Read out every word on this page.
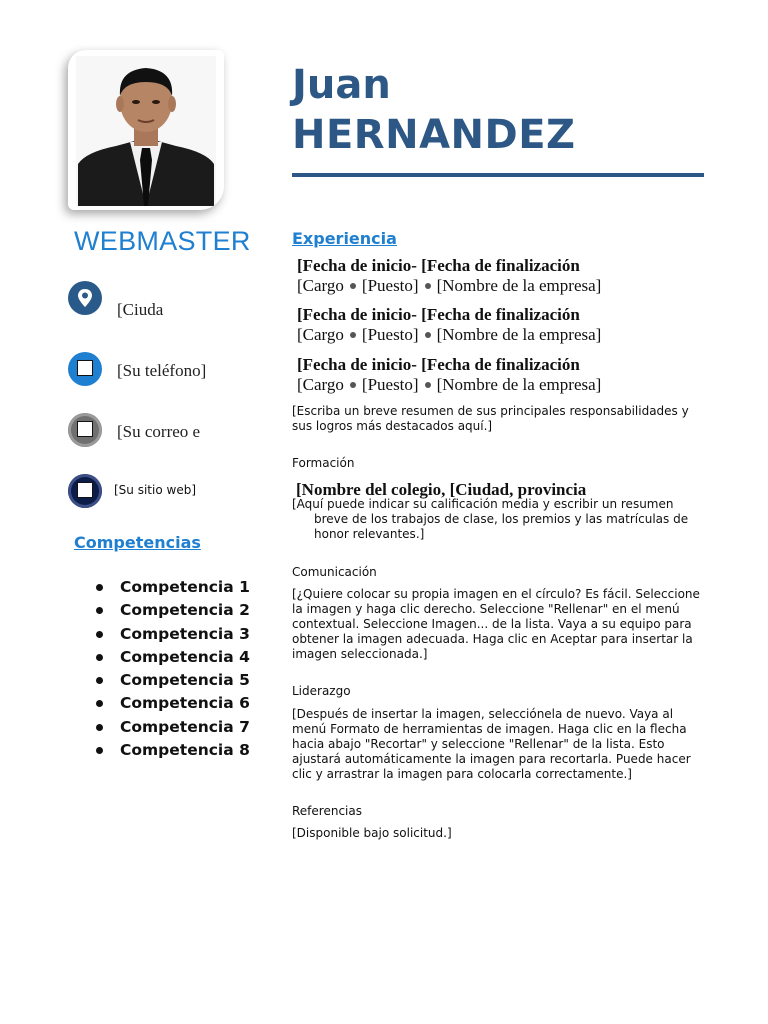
WEBMASTER
[Ciuda
[Su teléfono]
[Su correo e
[Su sitio web]
Competencias
Competencia 1
Competencia 2
Competencia 3
Competencia 4
Competencia 5
Competencia 6
Competencia 7
Competencia 8
Juan
HERNANDEZ
Experiencia
[Fecha de inicio- [Fecha de finalización
[Cargo [Puesto] [Nombre de la empresa]
[Fecha de inicio- [Fecha de finalización
[Cargo [Puesto] [Nombre de la empresa]
[Fecha de inicio- [Fecha de finalización
[Cargo [Puesto] [Nombre de la empresa]
[Escriba un breve resumen de sus principales responsabilidades y sus logros más destacados aquí.]
Formación
[Nombre del colegio, [Ciudad, provincia
[Aquí puede indicar su calificación media y escribir un resumen breve de los trabajos de clase, los premios y las matrículas de honor relevantes.]
Comunicación
[¿Quiere colocar su propia imagen en el círculo? Es fácil. Seleccione la imagen y haga clic derecho. Seleccione "Rellenar" en el menú contextual. Seleccione Imagen... de la lista. Vaya a su equipo para obtener la imagen adecuada. Haga clic en Aceptar para insertar la imagen seleccionada.]
Liderazgo
[Después de insertar la imagen, selecciónela de nuevo. Vaya al menú Formato de herramientas de imagen. Haga clic en la flecha hacia abajo "Recortar" y seleccione "Rellenar" de la lista. Esto ajustará automáticamente la imagen para recortarla. Puede hacer clic y arrastrar la imagen para colocarla correctamente.]
Referencias
[Disponible bajo solicitud.]
